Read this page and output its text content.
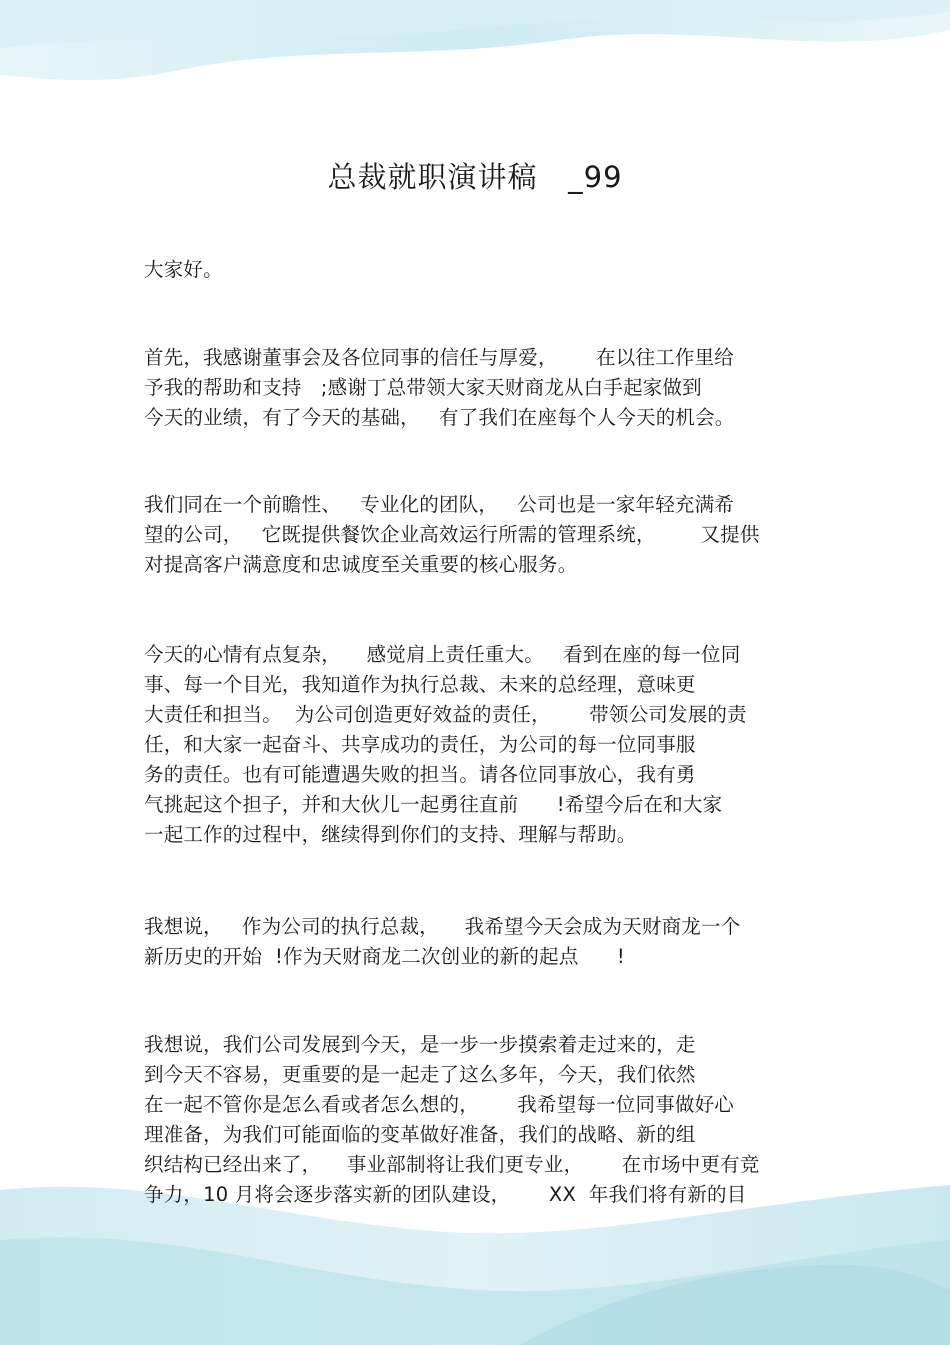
总裁就职演讲稿   _99
大家好。
首先，我感谢董事会及各位同事的信任与厚爱，      在以往工作里给
予我的帮助和支持   ;感谢丁总带领大家天财商龙从白手起家做到
今天的业绩，有了今天的基础，   有了我们在座每个人今天的机会。
我们同在一个前瞻性、   专业化的团队，   公司也是一家年轻充满希
望的公司，   它既提供餐饮企业高效运行所需的管理系统，       又提供
对提高客户满意度和忠诚度至关重要的核心服务。
今天的心情有点复杂，    感觉肩上责任重大。   看到在座的每一位同
事、每一个目光，我知道作为执行总裁、未来的总经理，意味更
大责任和担当。  为公司创造更好效益的责任，      带领公司发展的责
任，和大家一起奋斗、共享成功的责任，为公司的每一位同事服
务的责任。也有可能遭遇失败的担当。请各位同事放心，我有勇
气挑起这个担子，并和大伙儿一起勇往直前      !希望今后在和大家
一起工作的过程中，继续得到你们的支持、理解与帮助。
我想说，   作为公司的执行总裁，    我希望今天会成为天财商龙一个
新历史的开始  !作为天财商龙二次创业的新的起点      !
我想说，我们公司发展到今天，是一步一步摸索着走过来的，走
到今天不容易，更重要的是一起走了这么多年，今天，我们依然
在一起不管你是怎么看或者怎么想的，      我希望每一位同事做好心
理准备，为我们可能面临的变革做好准备，我们的战略、新的组
织结构已经出来了，    事业部制将让我们更专业，      在市场中更有竞
争力，10 月将会逐步落实新的团队建设，      XX  年我们将有新的目
